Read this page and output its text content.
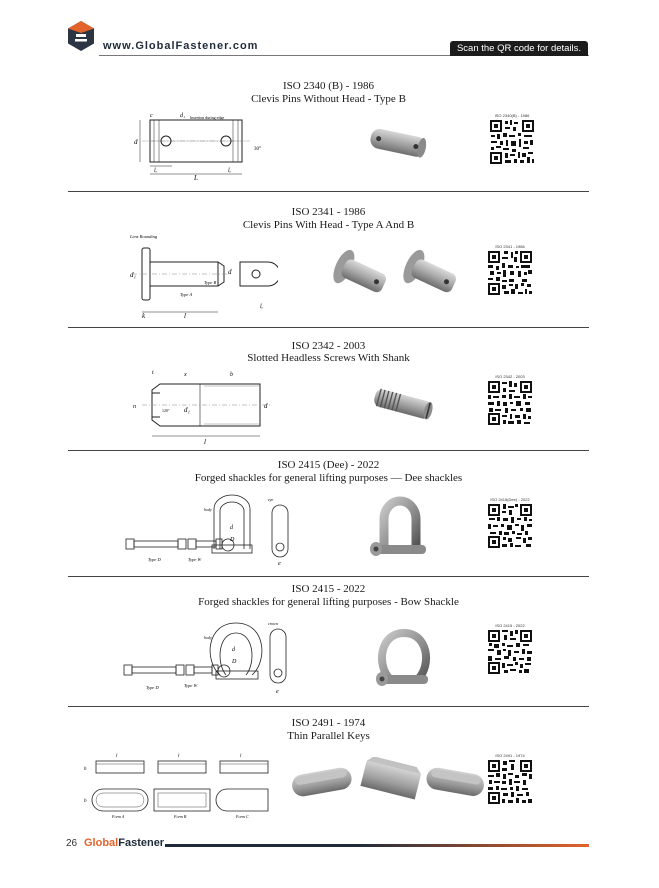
www.GlobalFastener.com	Scan the QR code for details.
ISO 2340 (B) - 1986
Clevis Pins Without Head - Type B
d
c	d₁ Insertion during edge
30°
lₑ	lₑ
L
ISO 2340(B) - 1986
ISO 2341 - 1986
Clevis Pins With Head - Type A And B
Lens Rounding
d₁
Type A
Type B
d
lₑ
k	l
ISO 2341 - 1986
ISO 2342 - 2003
Slotted Headless Screws With Shank
t	x	b
n
120° d₁	d
l
ISO 2342 - 2003
ISO 2415 (Dee) - 2022
Forged shackles for general lifting purposes — Dee shackles
Type D	Type W
body
eye
d
D
e
ISO 2415(Dee) - 2022
ISO 2415 - 2022
Forged shackles for general lifting purposes - Bow Shackle
Type D	Type W
body
crown
d
D
e
ISO 2415 - 2022
ISO 2491 - 1974
Thin Parallel Keys
l	l	l
h
b
Form A	Form B	Form C
ISO 2491 - 1974
26 GlobalFastener
